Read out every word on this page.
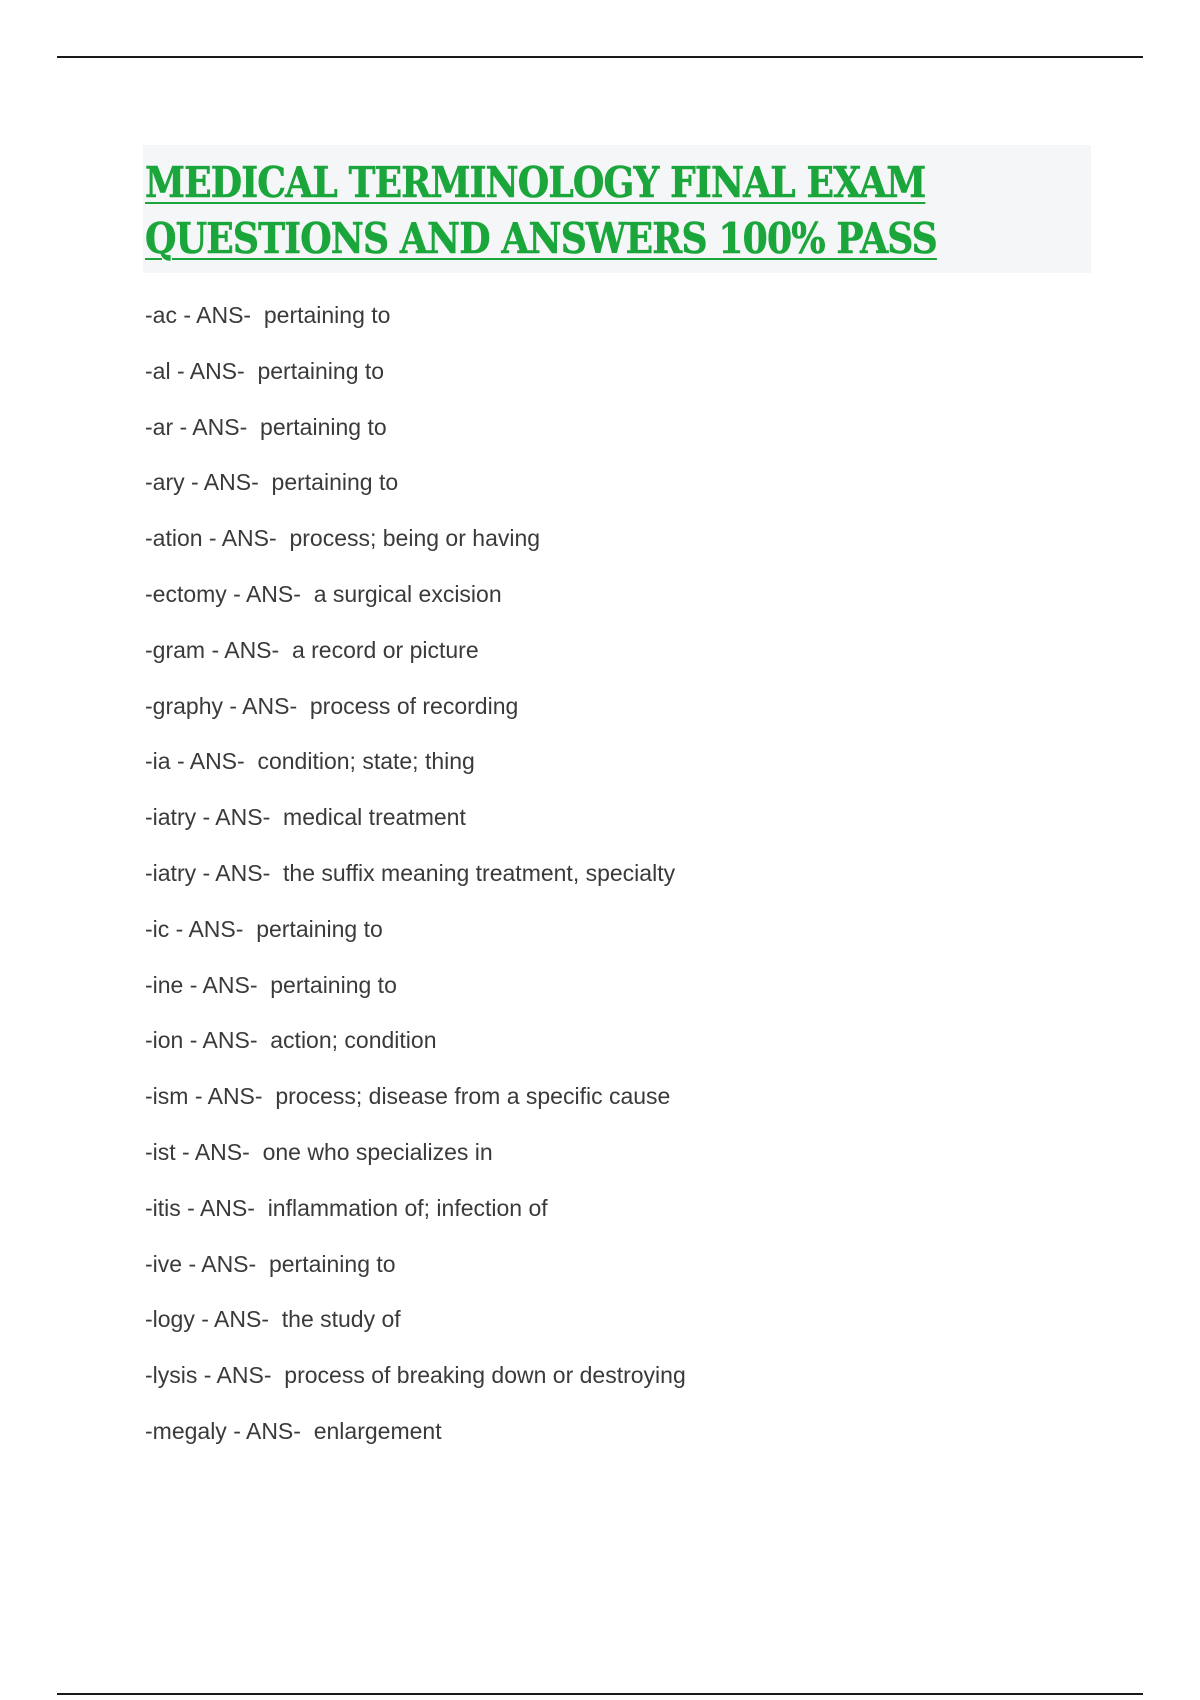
MEDICAL TERMINOLOGY FINAL EXAM
QUESTIONS AND ANSWERS 100% PASS
-ac - ANS-  pertaining to
-al - ANS-  pertaining to
-ar - ANS-  pertaining to
-ary - ANS-  pertaining to
-ation - ANS-  process; being or having
-ectomy - ANS-  a surgical excision
-gram - ANS-  a record or picture
-graphy - ANS-  process of recording
-ia - ANS-  condition; state; thing
-iatry - ANS-  medical treatment
-iatry - ANS-  the suffix meaning treatment, specialty
-ic - ANS-  pertaining to
-ine - ANS-  pertaining to
-ion - ANS-  action; condition
-ism - ANS-  process; disease from a specific cause
-ist - ANS-  one who specializes in
-itis - ANS-  inflammation of; infection of
-ive - ANS-  pertaining to
-logy - ANS-  the study of
-lysis - ANS-  process of breaking down or destroying
-megaly - ANS-  enlargement
